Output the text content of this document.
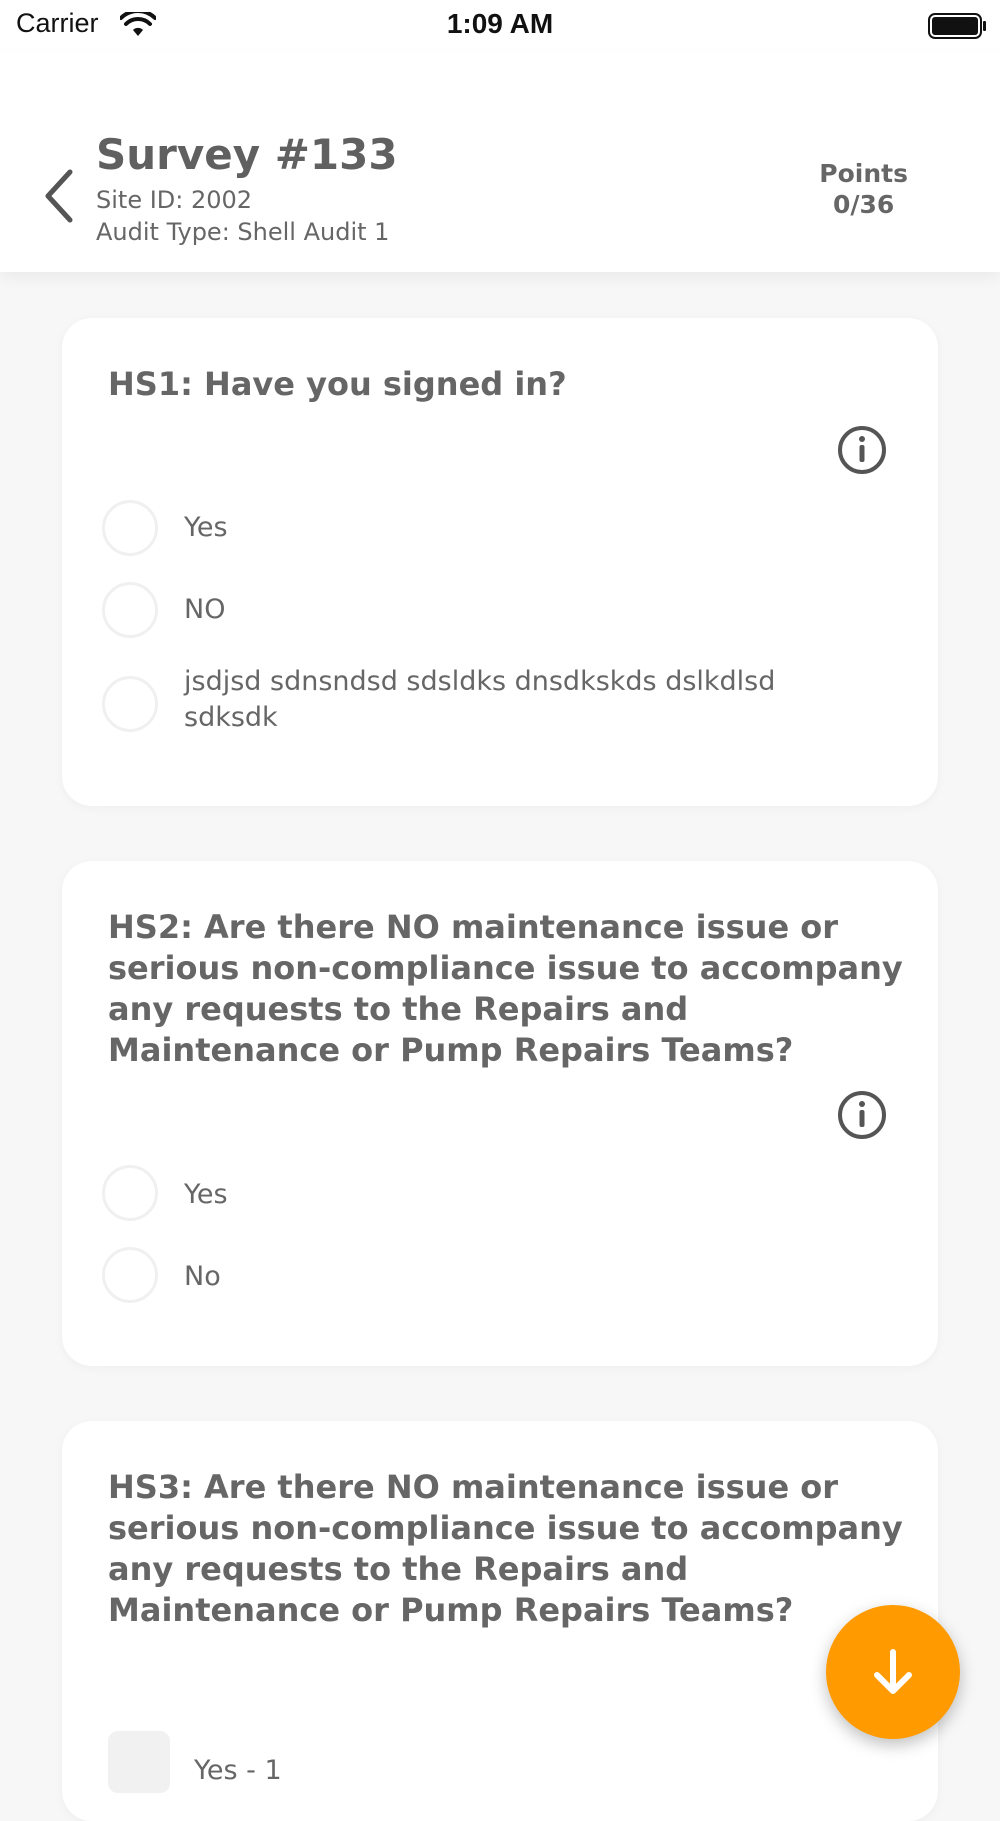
Carrier	1:09 AM
Survey #133
Site ID: 2002
Audit Type: Shell Audit 1
Points
0/36
HS1: Have you signed in?
Yes
NO
jsdjsd sdnsndsd sdsldks dnsdkskds dslkdlsd sdksdk
HS2: Are there NO maintenance issue or serious non-compliance issue to accompany any requests to the Repairs and Maintenance or Pump Repairs Teams?
Yes
No
HS3: Are there NO maintenance issue or serious non-compliance issue to accompany any requests to the Repairs and Maintenance or Pump Repairs Teams?
Yes - 1
